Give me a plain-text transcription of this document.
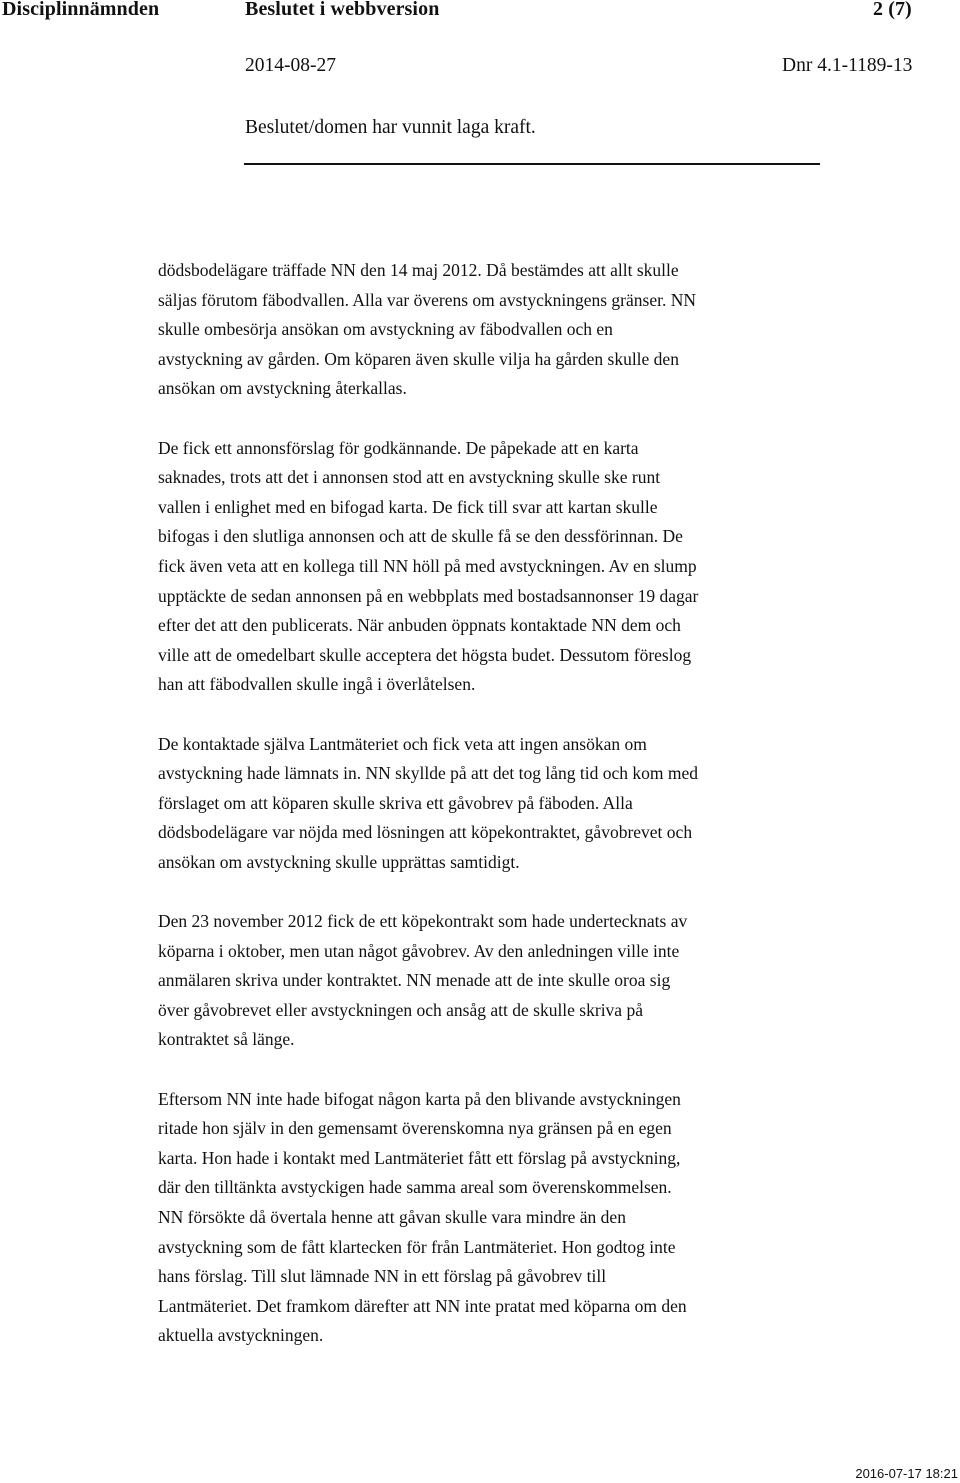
Disciplinnämnden	Beslutet i webbversion	2 (7)
2014-08-27	Dnr 4.1-1189-13
Beslutet/domen har vunnit laga kraft.
dödsbodelägare träffade NN den 14 maj 2012. Då bestämdes att allt skulle
säljas förutom fäbodvallen. Alla var överens om avstyckningens gränser. NN
skulle ombesörja ansökan om avstyckning av fäbodvallen och en
avstyckning av gården. Om köparen även skulle vilja ha gården skulle den
ansökan om avstyckning återkallas.
De fick ett annonsförslag för godkännande. De påpekade att en karta
saknades, trots att det i annonsen stod att en avstyckning skulle ske runt
vallen i enlighet med en bifogad karta. De fick till svar att kartan skulle
bifogas i den slutliga annonsen och att de skulle få se den dessförinnan. De
fick även veta att en kollega till NN höll på med avstyckningen. Av en slump
upptäckte de sedan annonsen på en webbplats med bostadsannonser 19 dagar
efter det att den publicerats. När anbuden öppnats kontaktade NN dem och
ville att de omedelbart skulle acceptera det högsta budet. Dessutom föreslog
han att fäbodvallen skulle ingå i överlåtelsen.
De kontaktade själva Lantmäteriet och fick veta att ingen ansökan om
avstyckning hade lämnats in. NN skyllde på att det tog lång tid och kom med
förslaget om att köparen skulle skriva ett gåvobrev på fäboden. Alla
dödsbodelägare var nöjda med lösningen att köpekontraktet, gåvobrevet och
ansökan om avstyckning skulle upprättas samtidigt.
Den 23 november 2012 fick de ett köpekontrakt som hade undertecknats av
köparna i oktober, men utan något gåvobrev. Av den anledningen ville inte
anmälaren skriva under kontraktet. NN menade att de inte skulle oroa sig
över gåvobrevet eller avstyckningen och ansåg att de skulle skriva på
kontraktet så länge.
Eftersom NN inte hade bifogat någon karta på den blivande avstyckningen
ritade hon själv in den gemensamt överenskomna nya gränsen på en egen
karta. Hon hade i kontakt med Lantmäteriet fått ett förslag på avstyckning,
där den tilltänkta avstyckigen hade samma areal som överenskommelsen.
NN försökte då övertala henne att gåvan skulle vara mindre än den
avstyckning som de fått klartecken för från Lantmäteriet. Hon godtog inte
hans förslag. Till slut lämnade NN in ett förslag på gåvobrev till
Lantmäteriet. Det framkom därefter att NN inte pratat med köparna om den
aktuella avstyckningen.
2016-07-17 18:21
